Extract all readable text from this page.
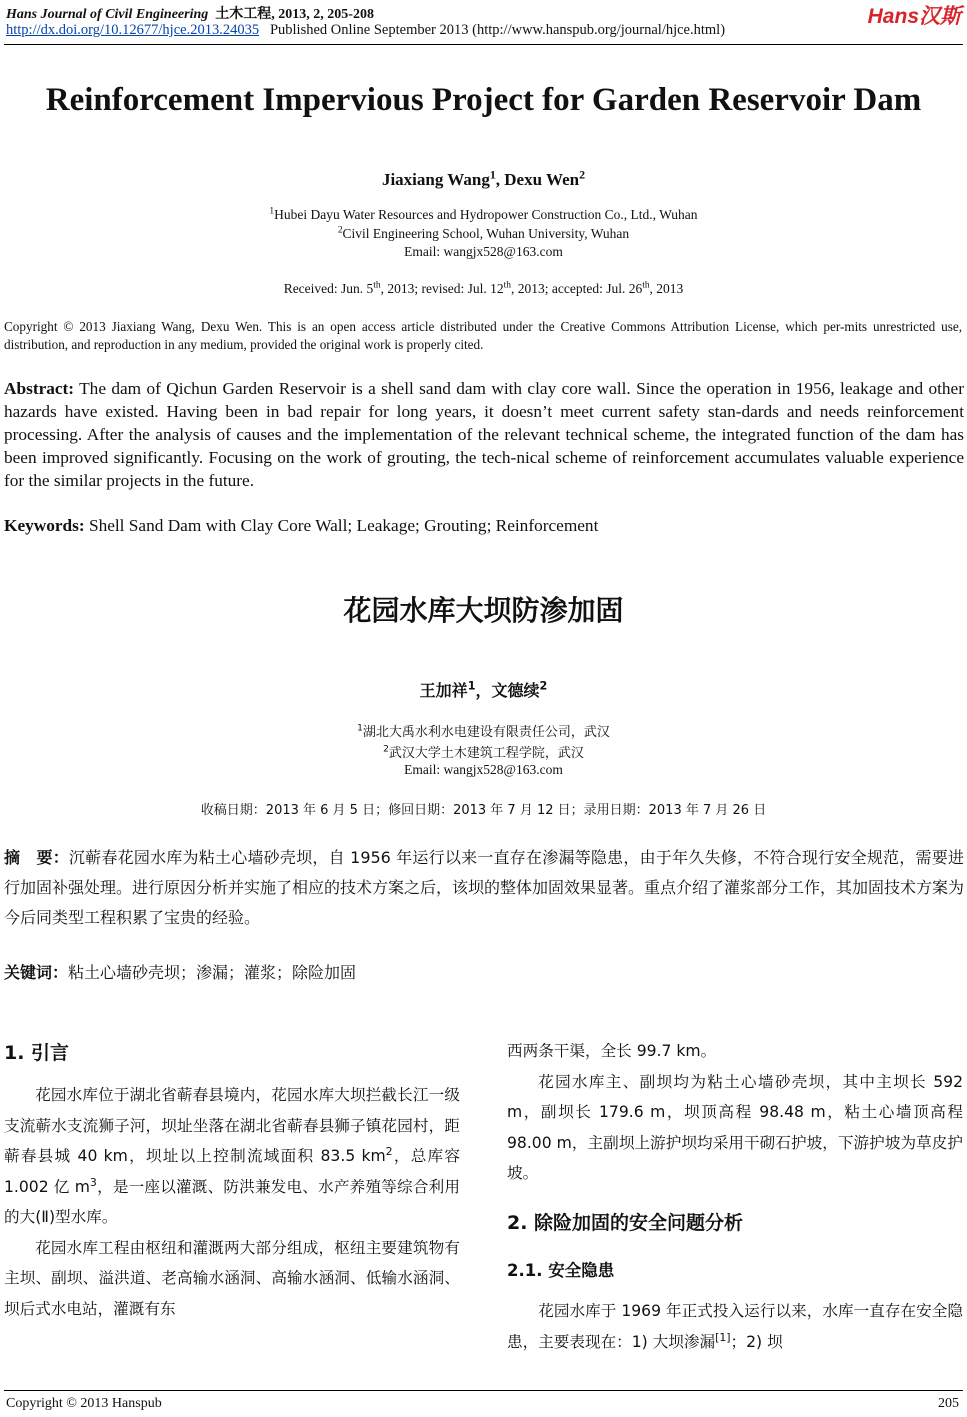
Hans Journal of Civil Engineering 土木工程, 2013, 2, 205-208
http://dx.doi.org/10.12677/hjce.2013.24035 Published Online September 2013 (http://www.hanspub.org/journal/hjce.html)
Hans汉斯
Reinforcement Impervious Project for Garden Reservoir Dam
Jiaxiang Wang$^1$, Dexu Wen$^2$
$^1$Hubei Dayu Water Resources and Hydropower Construction Co., Ltd., Wuhan
$^2$Civil Engineering School, Wuhan University, Wuhan
Email: wangjx528@163.com
Received: Jun. 5th, 2013; revised: Jul. 12th, 2013; accepted: Jul. 26th, 2013
Copyright © 2013 Jiaxiang Wang, Dexu Wen. This is an open access article distributed under the Creative Commons Attribution License, which per-mits unrestricted use, distribution, and reproduction in any medium, provided the original work is properly cited.
Abstract: The dam of Qichun Garden Reservoir is a shell sand dam with clay core wall. Since the operation in 1956, leakage and other hazards have existed. Having been in bad repair for long years, it doesn’t meet current safety stan-dards and needs reinforcement processing. After the analysis of causes and the implementation of the relevant technical scheme, the integrated function of the dam has been improved significantly. Focusing on the work of grouting, the tech-nical scheme of reinforcement accumulates valuable experience for the similar projects in the future.
Keywords: Shell Sand Dam with Clay Core Wall; Leakage; Grouting; Reinforcement
花园水库大坝防渗加固
王加祥$^1$，文德续$^2$
$^1$湖北大禹水利水电建设有限责任公司，武汉
$^2$武汉大学土木建筑工程学院，武汉
Email: wangjx528@163.com
收稿日期：2013 年 6 月 5 日；修回日期：2013 年 7 月 12 日；录用日期：2013 年 7 月 26 日
摘　要：沉蕲春花园水库为粘土心墙砂壳坝，自 1956 年运行以来一直存在渗漏等隐患，由于年久失修，不符合现行安全规范，需要进行加固补强处理。进行原因分析并实施了相应的技术方案之后，该坝的整体加固效果显著。重点介绍了灌浆部分工作，其加固技术方案为今后同类型工程积累了宝贵的经验。
关键词：粘土心墙砂壳坝；渗漏；灌浆；除险加固
1. 引言

花园水库位于湖北省蕲春县境内，花园水库大坝拦截长江一级支流蕲水支流狮子河，坝址坐落在湖北省蕲春县狮子镇花园村，距蕲春县城 40 km，坝址以上控制流域面积 83.5 $km^2$，总库容 1.002 亿 $m^3$，是一座以灌溉、防洪兼发电、水产养殖等综合利用的大(Ⅱ)型水库。

花园水库工程由枢纽和灌溉两大部分组成，枢纽主要建筑物有主坝、副坝、溢洪道、老高输水涵洞、高输水涵洞、低输水涵洞、坝后式水电站，灌溉有东

西两条干渠，全长 99.7 km。

花园水库主、副坝均为粘土心墙砂壳坝，其中主坝长 592 m，副坝长 179.6 m，坝顶高程 98.48 m，粘土心墙顶高程 98.00 m，主副坝上游护坝均采用干砌石护坡，下游护坡为草皮护坡。

2. 除险加固的安全问题分析
2.1. 安全隐患

花园水库于 1969 年正式投入运行以来，水库一直存在安全隐患，主要表现在：1) 大坝渗漏[1]；2) 坝

Copyright © 2013 Hanspub	205
